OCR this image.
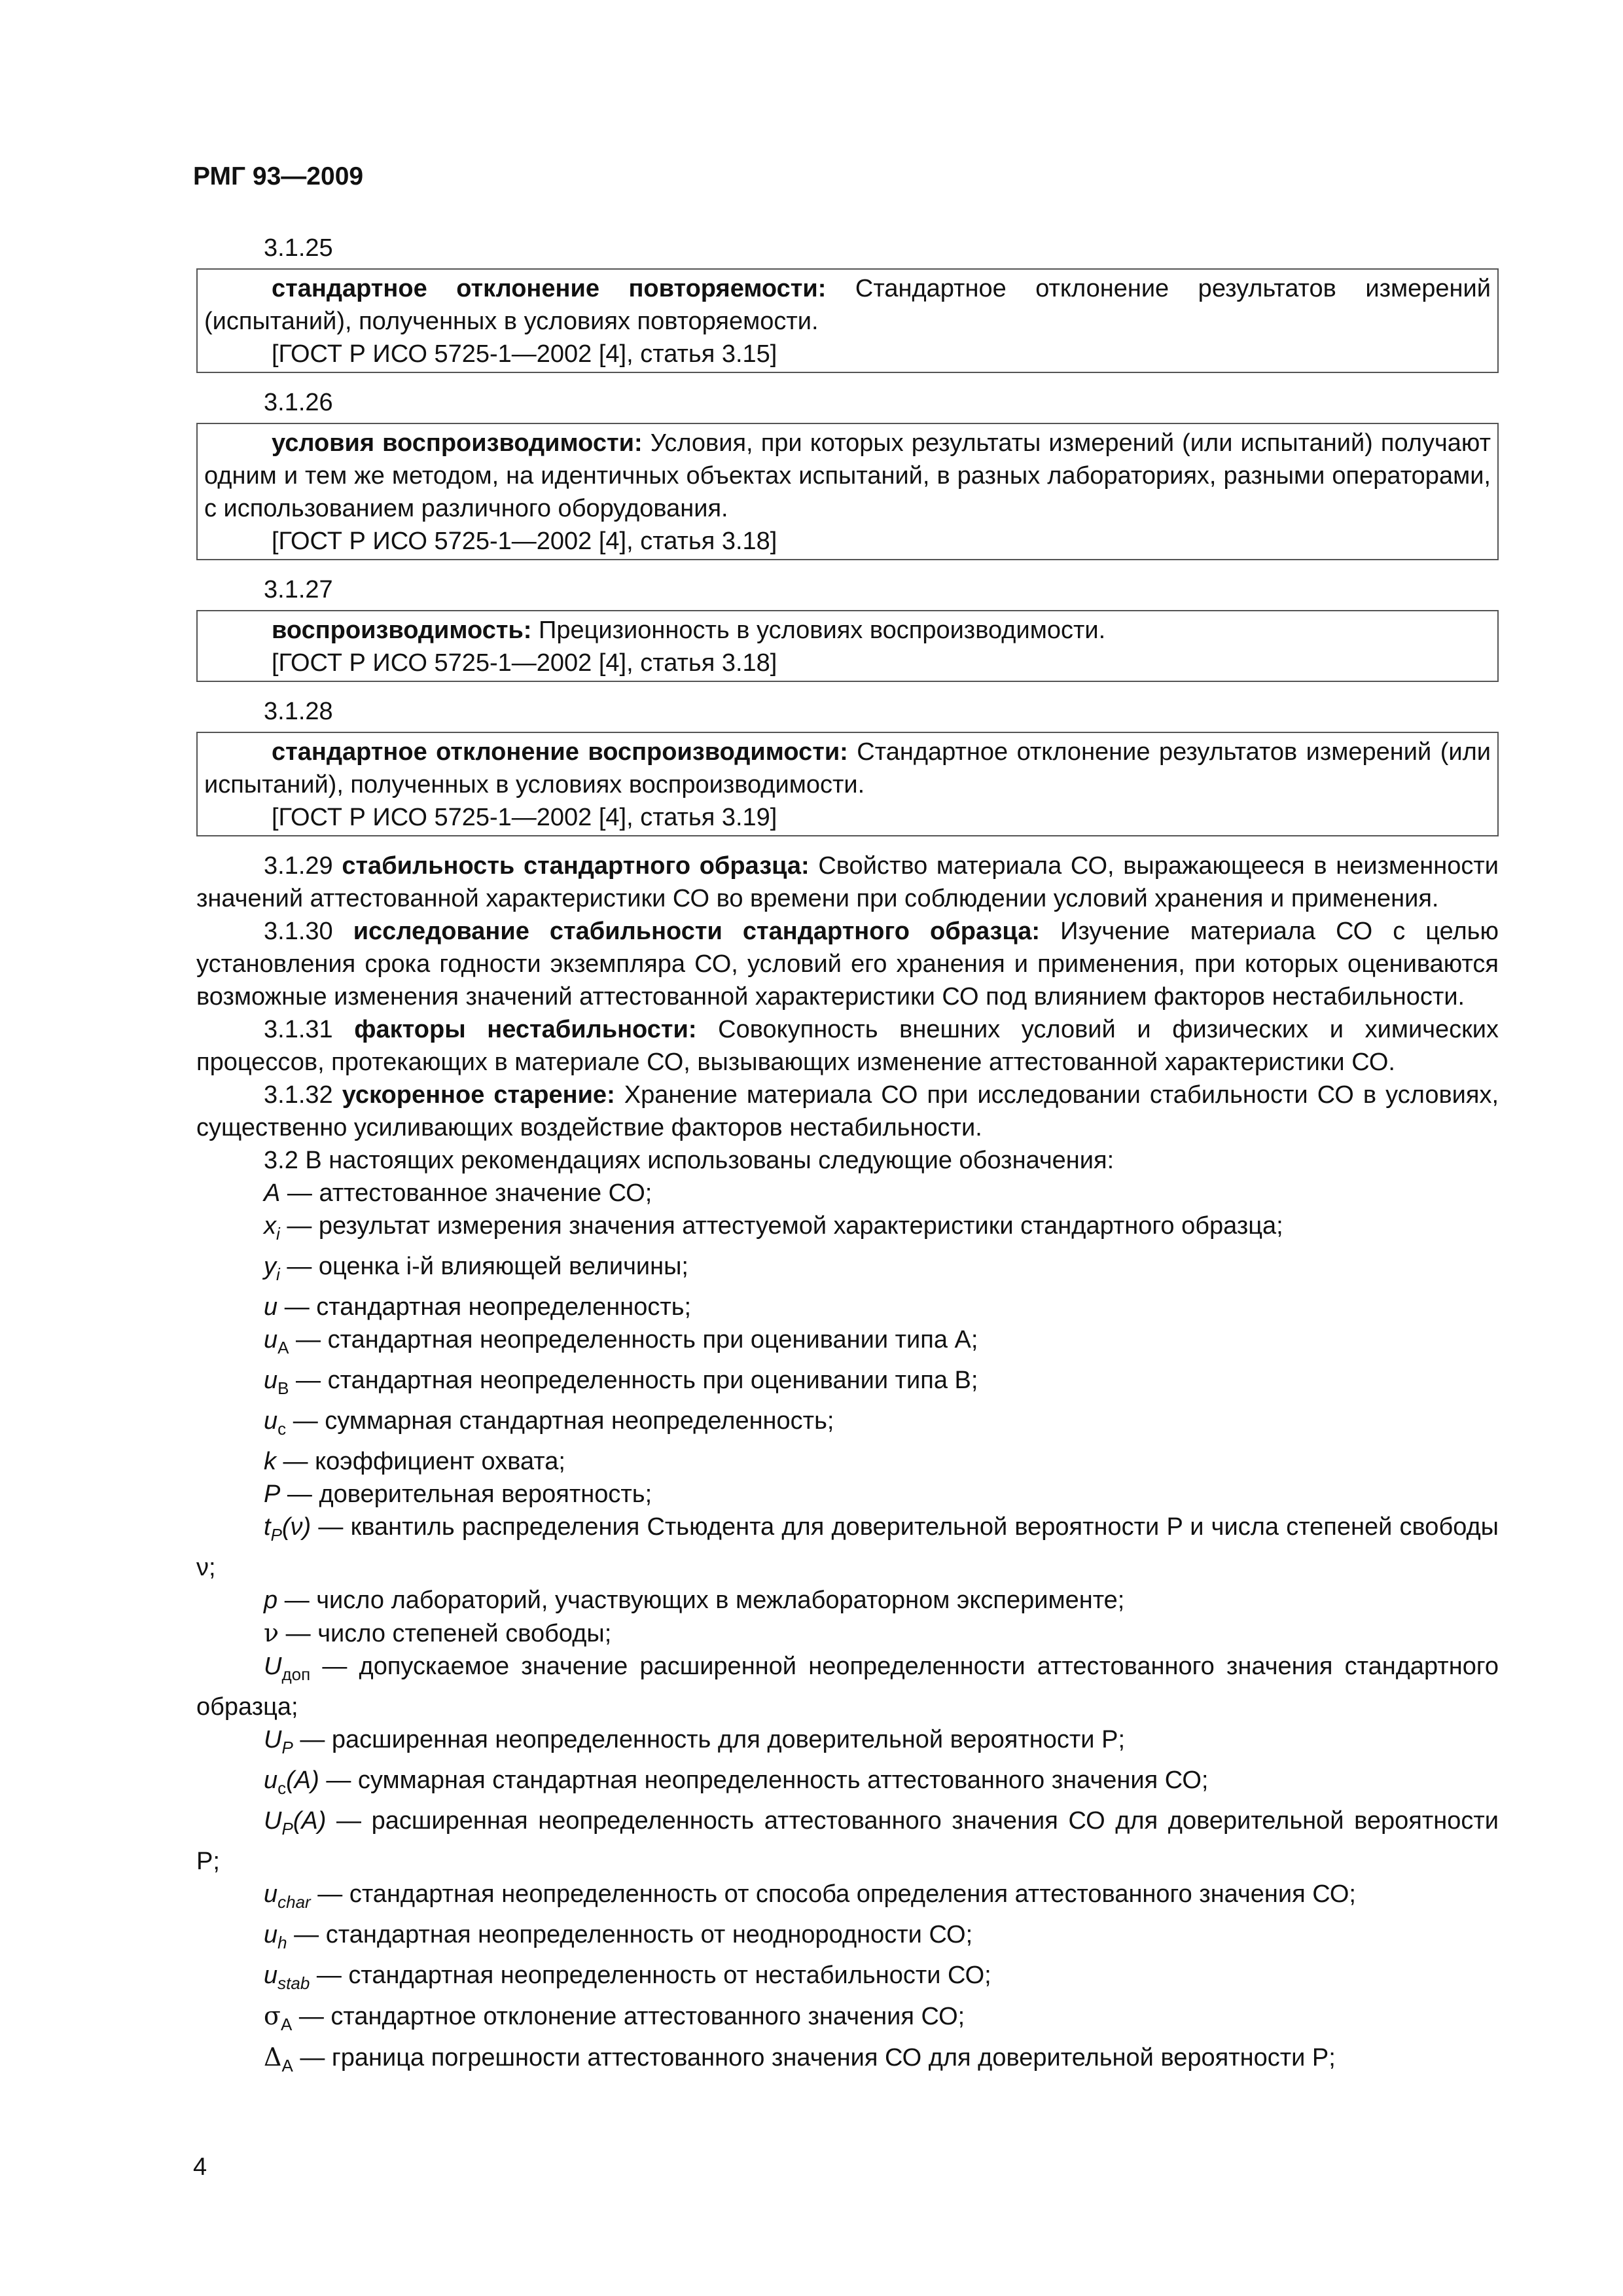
РМГ 93—2009
3.1.25

стандартное отклонение повторяемости: Стандартное отклонение результатов измерений (испытаний), полученных в условиях повторяемости.

[ГОСТ Р ИСО 5725-1—2002 [4], статья 3.15]

3.1.26

условия воспроизводимости: Условия, при которых результаты измерений (или испытаний) получают одним и тем же методом, на идентичных объектах испытаний, в разных лабораториях, разными операторами, с использованием различного оборудования.

[ГОСТ Р ИСО 5725-1—2002 [4], статья 3.18]

3.1.27

воспроизводимость: Прецизионность в условиях воспроизводимости.

[ГОСТ Р ИСО 5725-1—2002 [4], статья 3.18]

3.1.28

стандартное отклонение воспроизводимости: Стандартное отклонение результатов измерений (или испытаний), полученных в условиях воспроизводимости.

[ГОСТ Р ИСО 5725-1—2002 [4], статья 3.19]

3.1.29 стабильность стандартного образца: Свойство материала СО, выражающееся в неизменности значений аттестованной характеристики СО во времени при соблюдении условий хранения и применения.

3.1.30 исследование стабильности стандартного образца: Изучение материала СО с целью установления срока годности экземпляра СО, условий его хранения и применения, при которых оцениваются возможные изменения значений аттестованной характеристики СО под влиянием факторов нестабильности.

3.1.31 факторы нестабильности: Совокупность внешних условий и физических и химических процессов, протекающих в материале СО, вызывающих изменение аттестованной характеристики СО.

3.1.32 ускоренное старение: Хранение материала СО при исследовании стабильности СО в условиях, существенно усиливающих воздействие факторов нестабильности.

3.2 В настоящих рекомендациях использованы следующие обозначения:

A — аттестованное значение СО;

$x_i$ — результат измерения значения аттестуемой характеристики стандартного образца;

$y_i$ — оценка i-й влияющей величины;

u — стандартная неопределенность;

$u_A$ — стандартная неопределенность при оценивании типа А;

$u_B$ — стандартная неопределенность при оценивании типа В;

$u_c$ — суммарная стандартная неопределенность;

k — коэффициент охвата;

P — доверительная вероятность;

$t_P(\nu)$ — квантиль распределения Стьюдента для доверительной вероятности P и числа степеней свободы ν;

p — число лабораторий, участвующих в межлабораторном эксперименте;

ν — число степеней свободы;

$U_{доп}$ — допускаемое значение расширенной неопределенности аттестованного значения стандартного образца;

$U_P$ — расширенная неопределенность для доверительной вероятности P;

$u_c(A)$ — суммарная стандартная неопределенность аттестованного значения СО;

$U_P(A)$ — расширенная неопределенность аттестованного значения СО для доверительной вероятности P;

$u_{char}$ — стандартная неопределенность от способа определения аттестованного значения СО;

$u_h$ — стандартная неопределенность от неоднородности СО;

$u_{stab}$ — стандартная неопределенность от нестабильности СО;

$\sigma_A$ — стандартное отклонение аттестованного значения СО;

$\Delta_A$ — граница погрешности аттестованного значения СО для доверительной вероятности P;

4
